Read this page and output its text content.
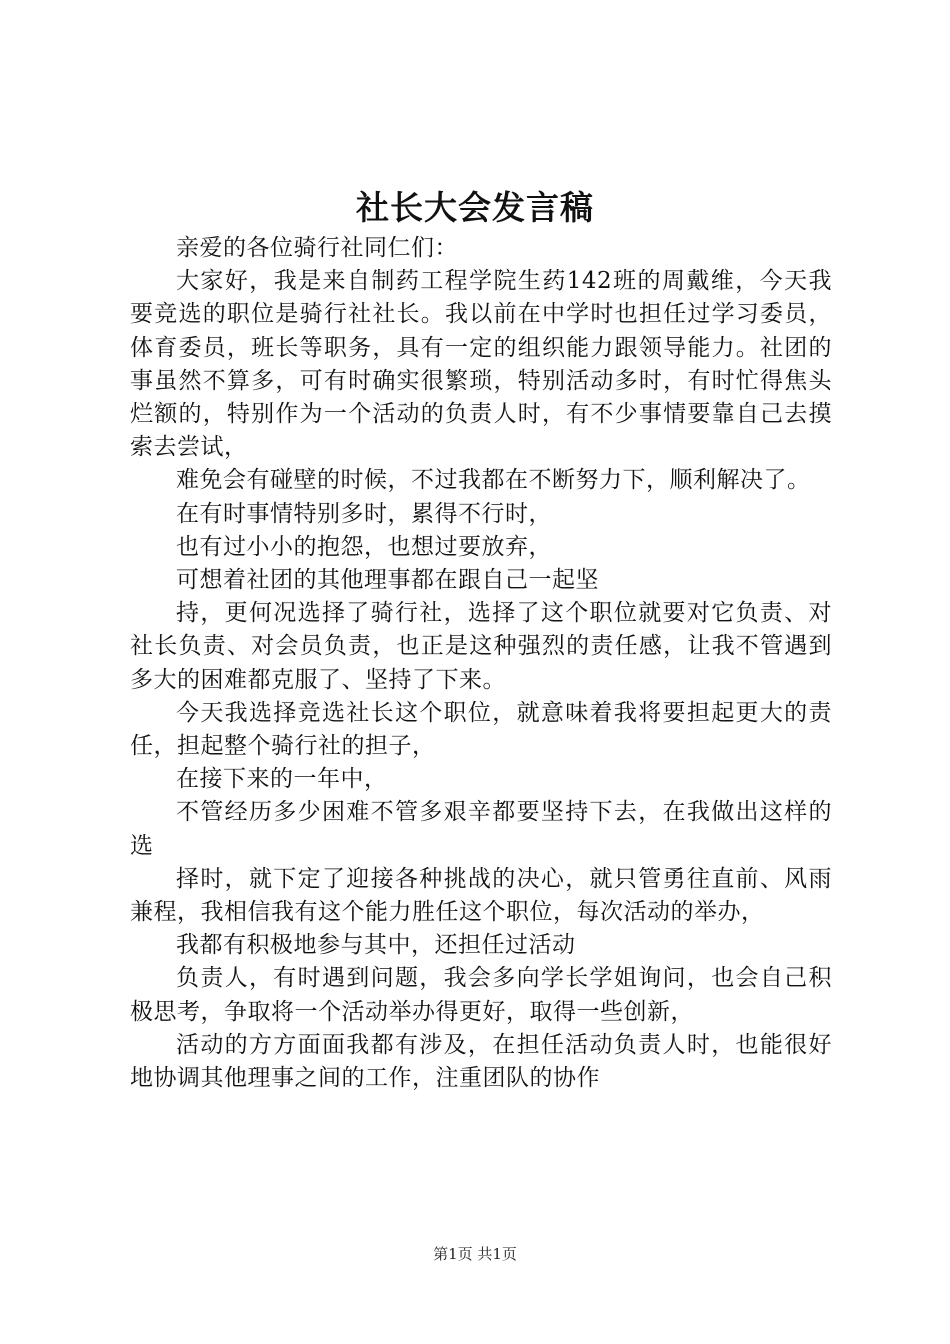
社长大会发言稿

亲爱的各位骑行社同仁们：

大家好，我是来自制药工程学院生药142班的周戴维，今天我要竞选的职位是骑行社社长。我以前在中学时也担任过学习委员，体育委员，班长等职务，具有一定的组织能力跟领导能力。社团的事虽然不算多，可有时确实很繁琐，特别活动多时，有时忙得焦头烂额的，特别作为一个活动的负责人时，有不少事情要靠自己去摸索去尝试，

难免会有碰壁的时候，不过我都在不断努力下，顺利解决了。

在有时事情特别多时，累得不行时，

也有过小小的抱怨，也想过要放弃，

可想着社团的其他理事都在跟自己一起坚

持，更何况选择了骑行社，选择了这个职位就要对它负责、对社长负责、对会员负责，也正是这种强烈的责任感，让我不管遇到多大的困难都克服了、坚持了下来。

今天我选择竞选社长这个职位，就意味着我将要担起更大的责任，担起整个骑行社的担子，

在接下来的一年中，

不管经历多少困难不管多艰辛都要坚持下去，在我做出这样的选

择时，就下定了迎接各种挑战的决心，就只管勇往直前、风雨兼程，我相信我有这个能力胜任这个职位，每次活动的举办，

我都有积极地参与其中，还担任过活动

负责人，有时遇到问题，我会多向学长学姐询问，也会自己积极思考，争取将一个活动举办得更好，取得一些创新，

活动的方方面面我都有涉及，在担任活动负责人时，也能很好地协调其他理事之间的工作，注重团队的协作

第1页 共1页
